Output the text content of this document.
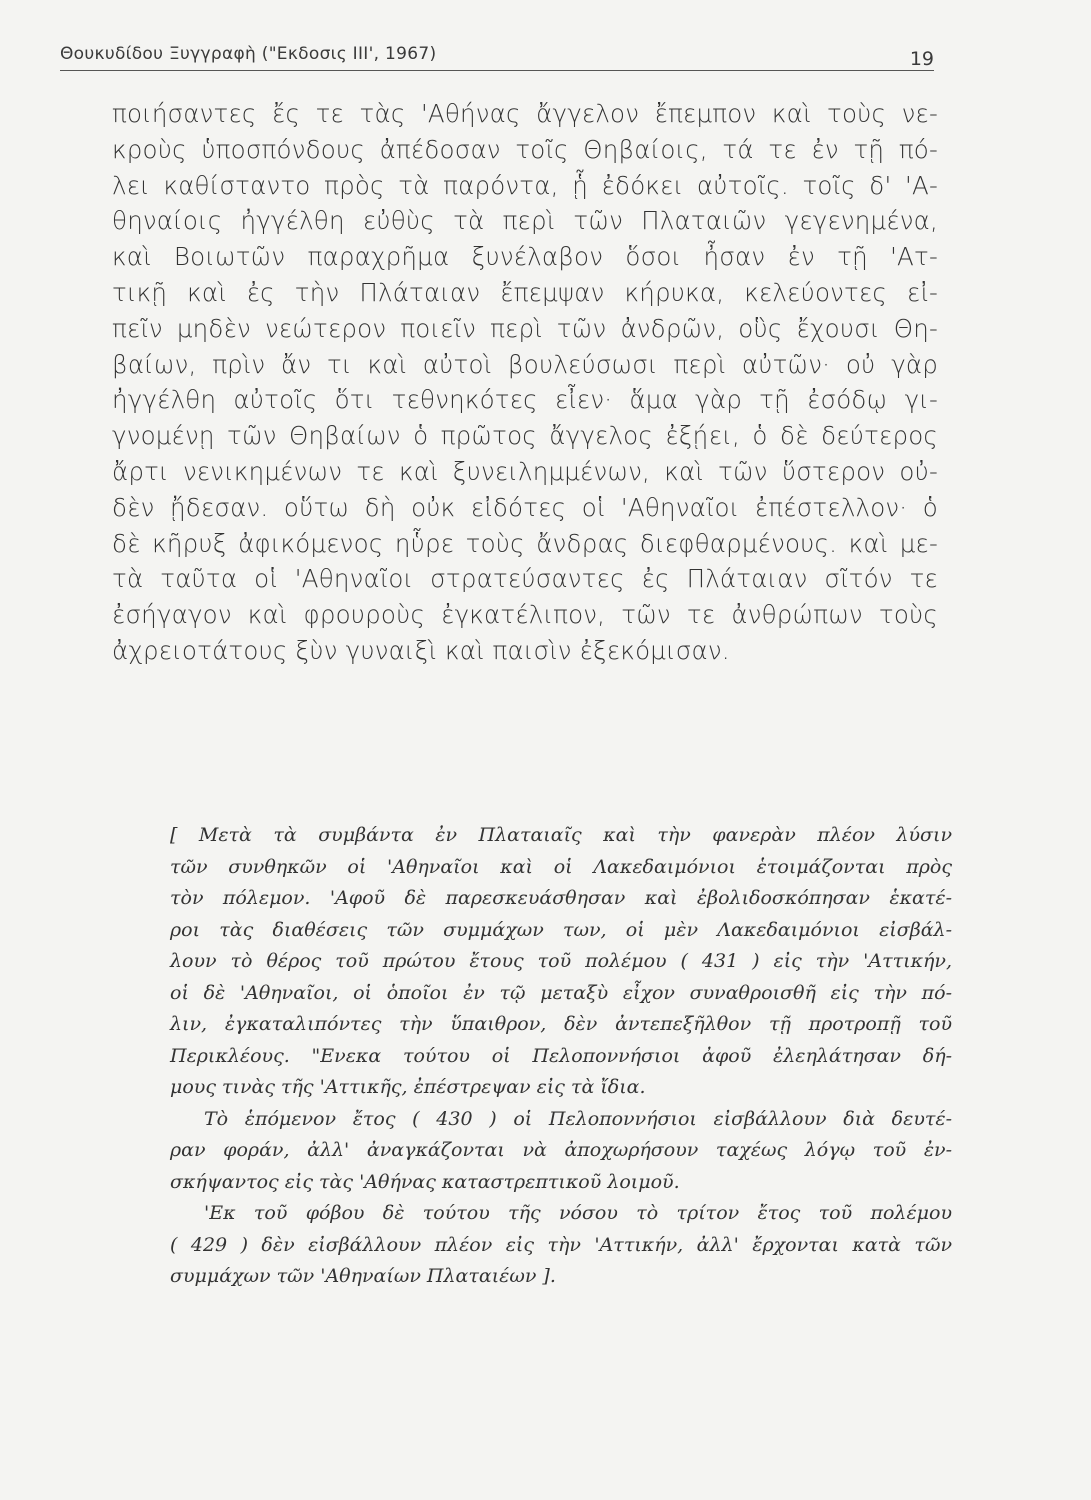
Θουκυδίδου Ξυγγραφὴ ("Εκδοσις ΙΙΙ', 1967)	19
ποιήσαντες ἔς τε τὰς 'Αθήνας ἄγγελον ἔπεμπον καὶ τοὺς νε-
κροὺς ὑποσπόνδους ἀπέδοσαν τοῖς Θηβαίοις, τά τε ἐν τῇ πό-
λει καθίσταντο πρὸς τὰ παρόντα, ᾗ ἐδόκει αὐτοῖς. τοῖς δ' 'Α-
θηναίοις ἠγγέλθη εὐθὺς τὰ περὶ τῶν Πλαταιῶν γεγενημένα,
καὶ Βοιωτῶν παραχρῆμα ξυνέλαβον ὅσοι ἦσαν ἐν τῇ 'Ατ-
τικῇ καὶ ἐς τὴν Πλάταιαν ἔπεμψαν κήρυκα, κελεύοντες εἰ-
πεῖν μηδὲν νεώτερον ποιεῖν περὶ τῶν ἀνδρῶν, οὓς ἔχουσι Θη-
βαίων, πρὶν ἄν τι καὶ αὐτοὶ βουλεύσωσι περὶ αὐτῶν· οὐ γὰρ
ἠγγέλθη αὐτοῖς ὅτι τεθνηκότες εἶεν· ἅμα γὰρ τῇ ἐσόδῳ γι-
γνομένῃ τῶν Θηβαίων ὁ πρῶτος ἄγγελος ἐξῄει, ὁ δὲ δεύτερος
ἄρτι νενικημένων τε καὶ ξυνειλημμένων, καὶ τῶν ὕστερον οὐ-
δὲν ᾔδεσαν. οὕτω δὴ οὐκ εἰδότες οἱ 'Αθηναῖοι ἐπέστελλον· ὁ
δὲ κῆρυξ ἀφικόμενος ηὗρε τοὺς ἄνδρας διεφθαρμένους. καὶ με-
τὰ ταῦτα οἱ 'Αθηναῖοι στρατεύσαντες ἐς Πλάταιαν σῖτόν τε
ἐσήγαγον καὶ φρουροὺς ἐγκατέλιπον, τῶν τε ἀνθρώπων τοὺς
ἀχρειοτάτους ξὺν γυναιξὶ καὶ παισὶν ἐξεκόμισαν.
[ Μετὰ τὰ συμβάντα ἐν Πλαταιαῖς καὶ τὴν φανερὰν πλέον λύσιν
τῶν συνθηκῶν οἱ 'Αθηναῖοι καὶ οἱ Λακεδαιμόνιοι ἑτοιμάζονται πρὸς
τὸν πόλεμον. 'Αφοῦ δὲ παρεσκευάσθησαν καὶ ἐβολιδοσκόπησαν ἑκατέ-
ροι τὰς διαθέσεις τῶν συμμάχων των, οἱ μὲν Λακεδαιμόνιοι εἰσβάλ-
λουν τὸ θέρος τοῦ πρώτου ἔτους τοῦ πολέμου ( 431 ) εἰς τὴν 'Αττικήν,
οἱ δὲ 'Αθηναῖοι, οἱ ὁποῖοι ἐν τῷ μεταξὺ εἶχον συναθροισθῆ εἰς τὴν πό-
λιν, ἐγκαταλιπόντες τὴν ὕπαιθρον, δὲν ἀντεπεξῆλθον τῇ προτροπῇ τοῦ
Περικλέους. "Ενεκα τούτου οἱ Πελοποννήσιοι ἀφοῦ ἐλεηλάτησαν δή-
μους τινὰς τῆς 'Αττικῆς, ἐπέστρεψαν εἰς τὰ ἴδια.
Τὸ ἑπόμενον ἔτος ( 430 ) οἱ Πελοποννήσιοι εἰσβάλλουν διὰ δευτέ-
ραν φοράν, ἀλλ' ἀναγκάζονται νὰ ἀποχωρήσουν ταχέως λόγῳ τοῦ ἐν-
σκήψαντος εἰς τὰς 'Αθήνας καταστρεπτικοῦ λοιμοῦ.
'Εκ τοῦ φόβου δὲ τούτου τῆς νόσου τὸ τρίτον ἔτος τοῦ πολέμου
( 429 ) δὲν εἰσβάλλουν πλέον εἰς τὴν 'Αττικήν, ἀλλ' ἔρχονται κατὰ τῶν
συμμάχων τῶν 'Αθηναίων Πλαταιέων ].
